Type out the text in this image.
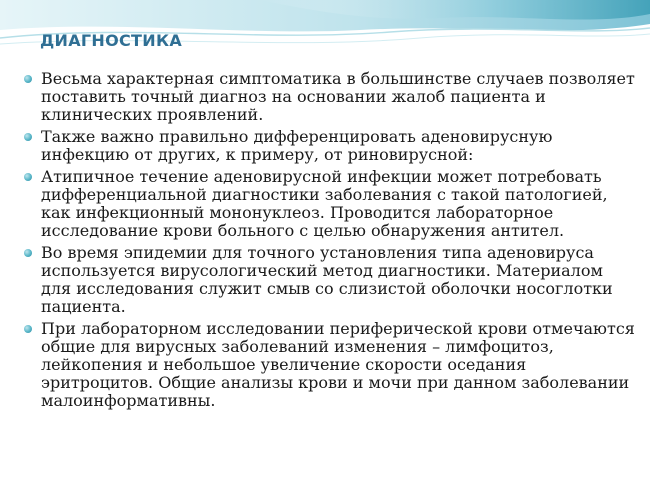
ДИАГНОСТИКА
Весьма характерная симптоматика в большинстве случаев позволяет поставить точный диагноз на основании жалоб пациента и клинических проявлений.
Также важно правильно дифференцировать аденовирусную инфекцию от других, к примеру, от риновирусной:
Атипичное течение аденовирусной инфекции может потребовать дифференциальной диагностики заболевания с такой патологией, как инфекционный мононуклеоз. Проводится лабораторное исследование крови больного с целью обнаружения антител.
Во время эпидемии для точного установления типа аденовируса используется вирусологический метод диагностики. Материалом для исследования служит смыв со слизистой оболочки носоглотки пациента.
При лабораторном исследовании периферической крови отмечаются общие для вирусных заболеваний изменения – лимфоцитоз, лейкопения и небольшое увеличение скорости оседания эритроцитов. Общие анализы крови и мочи при данном заболевании малоинформативны.
